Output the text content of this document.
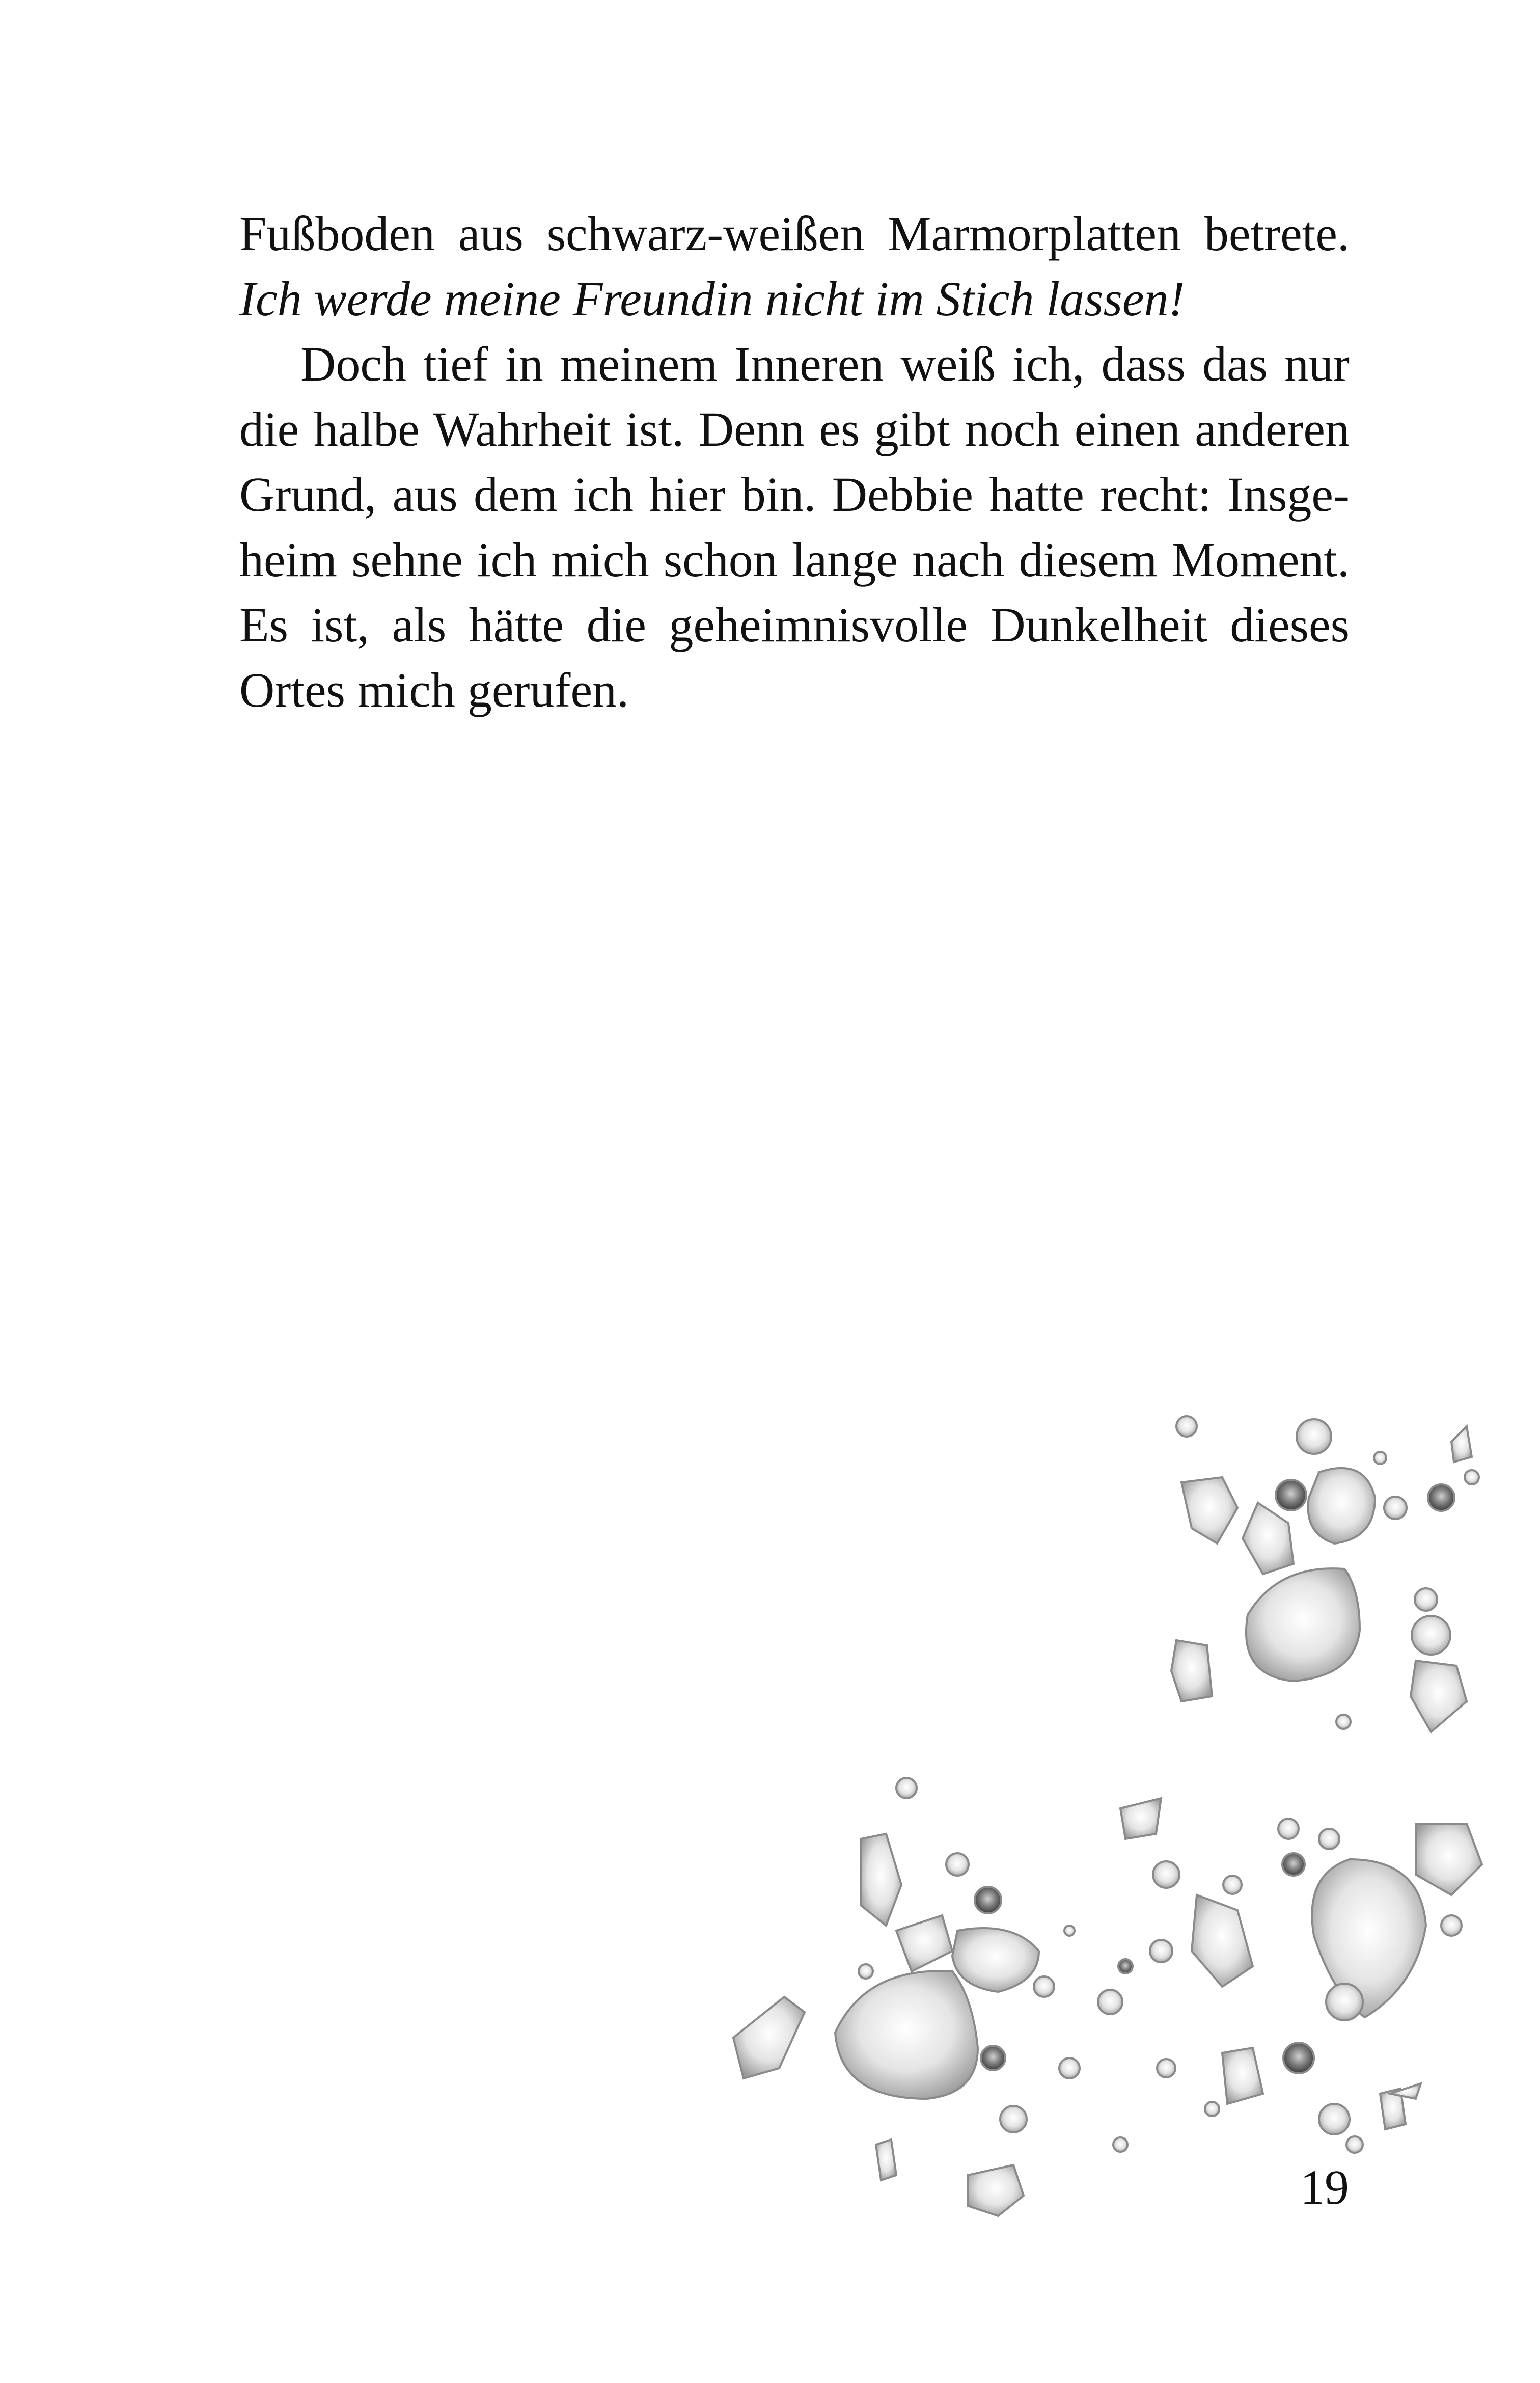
Fußboden aus schwarz-weißen Marmorplatten betrete.
Ich werde meine Freundin nicht im Stich lassen!
Doch tief in meinem Inneren weiß ich, dass das nur
die halbe Wahrheit ist. Denn es gibt noch einen anderen
Grund, aus dem ich hier bin. Debbie hatte recht: Insge-
heim sehne ich mich schon lange nach diesem Moment.
Es ist, als hätte die geheimnisvolle Dunkelheit dieses
Ortes mich gerufen.
19
